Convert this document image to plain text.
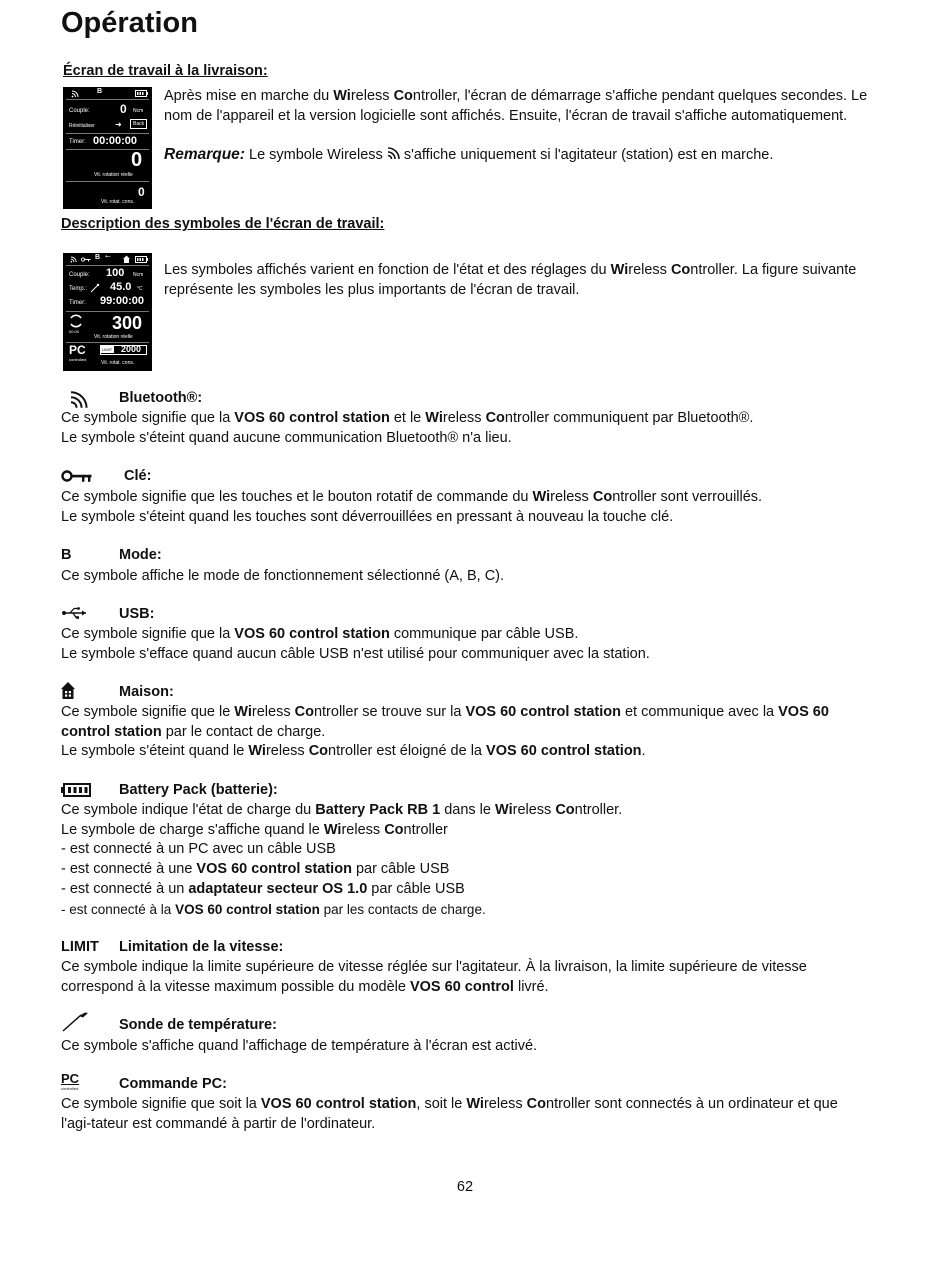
Opération
Écran de travail à la livraison:
B
Couple:	0 Ncm
Réinitialiser	➜	Back
Timer: 00:00:00
0
Vit. rotation réelle
0
Vit. rotat. cons.
Après mise en marche du Wireless Controller, l'écran de démarrage s'affiche pendant quelques secondes. Le nom de l'appareil et la version logicielle sont affichés. Ensuite, l'écran de travail s'affiche automatiquement.
Remarque: Le symbole Wireless s'affiche uniquement si l'agitateur (station) est en marche.
Description des symboles de l'écran de travail:
B ⭠
Couple: 100 Ncm
Temp.: 45.0 °C
Timer: 99:00:00
00:00 300
Vit. rotation réelle
PC
controlled
LIMIT 2000
Vit. rotat. cons.
Les symboles affichés varient en fonction de l'état et des réglages du Wireless Controller. La figure suivante représente les symboles les plus importants de l'écran de travail.
Bluetooth®:
Ce symbole signifie que la VOS 60 control station et le Wireless Controller communiquent par Bluetooth®.
Le symbole s'éteint quand aucune communication Bluetooth® n'a lieu.
Clé:
Ce symbole signifie que les touches et le bouton rotatif de commande du Wireless Controller sont verrouillés.
Le symbole s'éteint quand les touches sont déverrouillées en pressant à nouveau la touche clé.
B	Mode:
Ce symbole affiche le mode de fonctionnement sélectionné (A, B, C).
USB:
Ce symbole signifie que la VOS 60 control station communique par câble USB.
Le symbole s'efface quand aucun câble USB n'est utilisé pour communiquer avec la station.
Maison:
Ce symbole signifie que le Wireless Controller se trouve sur la VOS 60 control station et communique avec la VOS 60 control station par le contact de charge.
Le symbole s'éteint quand le Wireless Controller est éloigné de la VOS 60 control station.
Battery Pack (batterie):
Ce symbole indique l'état de charge du Battery Pack RB 1 dans le Wireless Controller.
Le symbole de charge s'affiche quand le Wireless Controller
- est connecté à un PC avec un câble USB
- est connecté à une VOS 60 control station par câble USB
- est connecté à un adaptateur secteur OS 1.0 par câble USB
- est connecté à la VOS 60 control station par les contacts de charge.
LIMIT Limitation de la vitesse:
Ce symbole indique la limite supérieure de vitesse réglée sur l'agitateur. À la livraison, la limite supérieure de vitesse correspond à la vitesse maximum possible du modèle VOS 60 control livré.
Sonde de température:
Ce symbole s'affiche quand l'affichage de température à l'écran est activé.
PC
controlled	Commande PC:
Ce symbole signifie que soit la VOS 60 control station, soit le Wireless Controller sont connectés à un ordinateur et que l'agi-tateur est commandé à partir de l'ordinateur.
62
